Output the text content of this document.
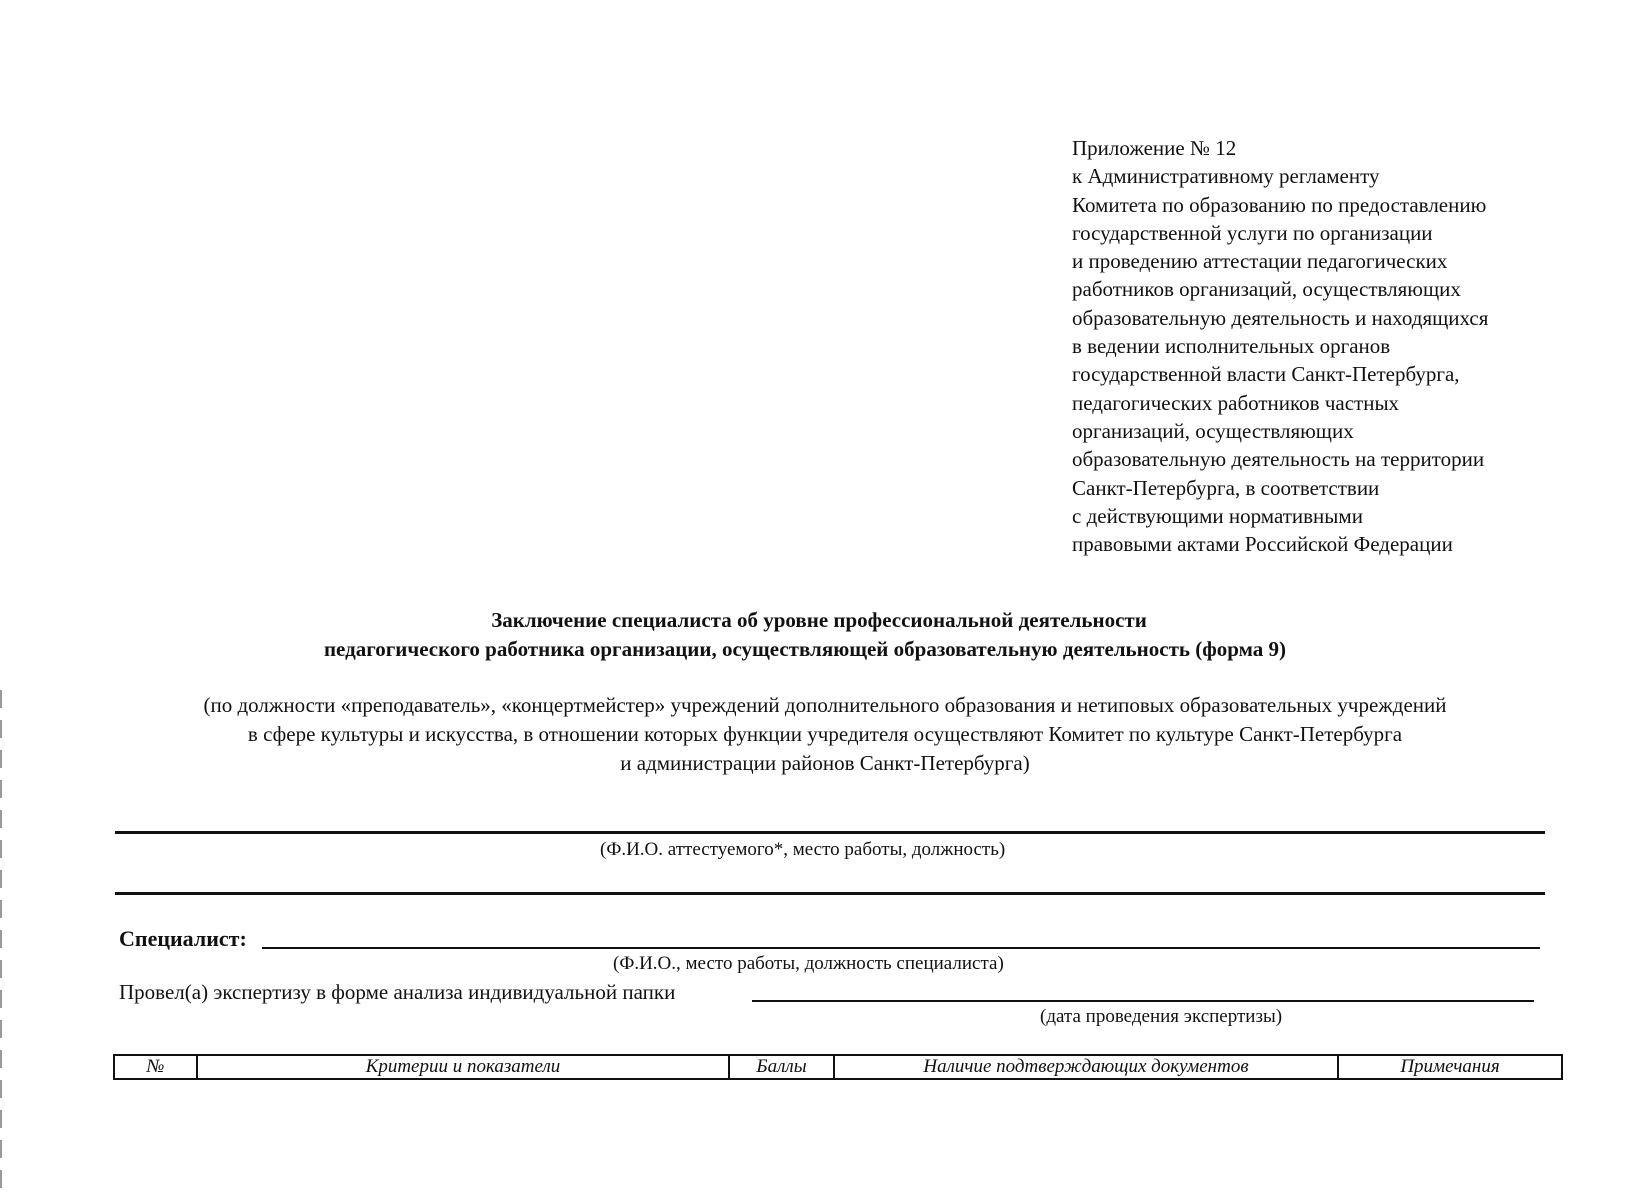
Приложение № 12
к Административному регламенту
Комитета по образованию по предоставлению
государственной услуги по организации
и проведению аттестации педагогических
работников организаций, осуществляющих
образовательную деятельность и находящихся
в ведении исполнительных органов
государственной власти Санкт-Петербурга,
педагогических работников частных
организаций, осуществляющих
образовательную деятельность на территории
Санкт-Петербурга, в соответствии
с действующими нормативными
правовыми актами Российской Федерации
Заключение специалиста об уровне профессиональной деятельности
педагогического работника организации, осуществляющей образовательную деятельность (форма 9)
(по должности «преподаватель», «концертмейстер» учреждений дополнительного образования и нетиповых образовательных учреждений
в сфере культуры и искусства, в отношении которых функции учредителя осуществляют Комитет по культуре Санкт-Петербурга
и администрации районов Санкт-Петербурга)
(Ф.И.О. аттестуемого*, место работы, должность)
Специалист:
(Ф.И.О., место работы, должность специалиста)
Провел(а) экспертизу в форме анализа индивидуальной папки
(дата проведения экспертизы)
№	Критерии и показатели	Баллы	Наличие подтверждающих документов	Примечания
